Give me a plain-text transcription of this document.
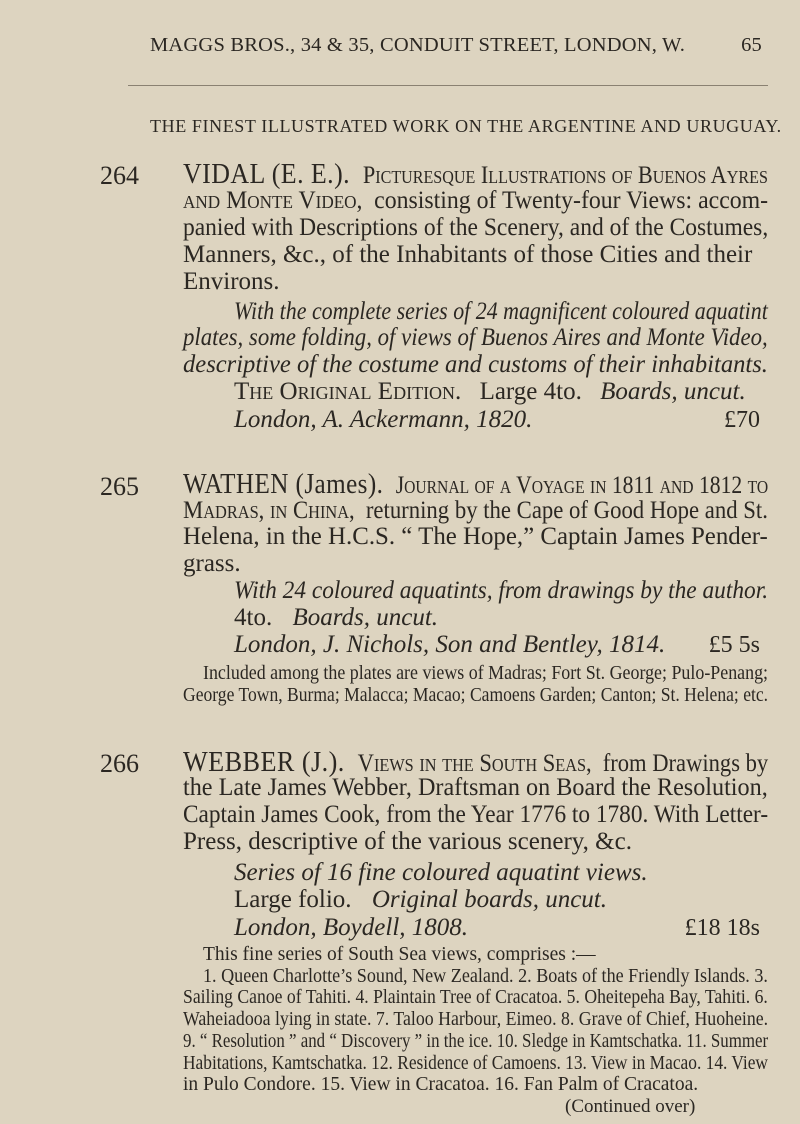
MAGGS BROS., 34 & 35, CONDUIT STREET, LONDON, W.	65
THE FINEST ILLUSTRATED WORK ON THE ARGENTINE AND URUGUAY.
264 VIDAL (E. E.). Picturesque Illustrations of Buenos Ayres
and Monte Video, consisting of Twenty-four Views: accom-
panied with Descriptions of the Scenery, and of the Costumes,
Manners, &c., of the Inhabitants of those Cities and their
Environs.
With the complete series of 24 magnificent coloured aquatint
plates, some folding, of views of Buenos Aires and Monte Video,
descriptive of the costume and customs of their inhabitants.
The Original Edition. Large 4to. Boards, uncut.
London, A. Ackermann, 1820.	£70
265 WATHEN (James). Journal of a Voyage in 1811 and 1812 to
Madras, in China, returning by the Cape of Good Hope and St.
Helena, in the H.C.S. “ The Hope,” Captain James Pender-
grass.
With 24 coloured aquatints, from drawings by the author.
4to. Boards, uncut.
London, J. Nichols, Son and Bentley, 1814. £5 5s
Included among the plates are views of Madras; Fort St. George; Pulo-Penang;
George Town, Burma; Malacca; Macao; Camoens Garden; Canton; St. Helena; etc.
266 WEBBER (J.). Views in the South Seas, from Drawings by
the Late James Webber, Draftsman on Board the Resolution,
Captain James Cook, from the Year 1776 to 1780. With Letter-
Press, descriptive of the various scenery, &c.
Series of 16 fine coloured aquatint views.
Large folio. Original boards, uncut.
London, Boydell, 1808.	£18 18s
This fine series of South Sea views, comprises :—
1. Queen Charlotte’s Sound, New Zealand. 2. Boats of the Friendly Islands. 3.
Sailing Canoe of Tahiti. 4. Plaintain Tree of Cracatoa. 5. Oheitepeha Bay, Tahiti. 6.
Waheiadooa lying in state. 7. Taloo Harbour, Eimeo. 8. Grave of Chief, Huoheine.
9. “ Resolution ” and “ Discovery ” in the ice. 10. Sledge in Kamtschatka. 11. Summer
Habitations, Kamtschatka. 12. Residence of Camoens. 13. View in Macao. 14. View
in Pulo Condore. 15. View in Cracatoa. 16. Fan Palm of Cracatoa.
(Continued over)
